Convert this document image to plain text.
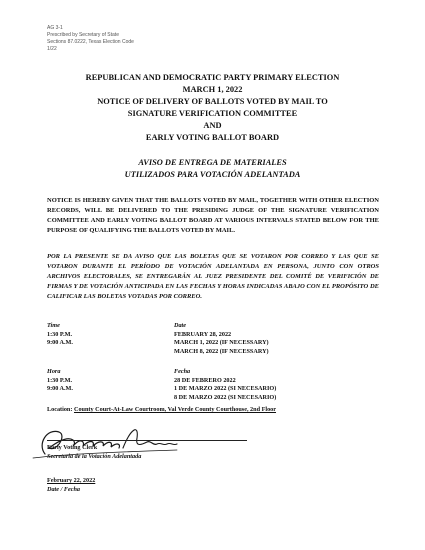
AG 3-1
Prescribed by Secretary of State
Sections 87.0222, Texas Election Code
1/22
REPUBLICAN AND DEMOCRATIC PARTY PRIMARY ELECTION
MARCH 1, 2022
NOTICE OF DELIVERY OF BALLOTS VOTED BY MAIL TO
SIGNATURE VERIFICATION COMMITTEE
AND
EARLY VOTING BALLOT BOARD
AVISO DE ENTREGA DE MATERIALES
UTILIZADOS PARA VOTACIÓN ADELANTADA
NOTICE IS HEREBY GIVEN THAT THE BALLOTS VOTED BY MAIL, TOGETHER WITH OTHER ELECTION RECORDS, WILL BE DELIVERED TO THE PRESIDING JUDGE OF THE SIGNATURE VERIFICATION COMMITTEE AND EARLY VOTING BALLOT BOARD AT VARIOUS INTERVALS STATED BELOW FOR THE PURPOSE OF QUALIFYING THE BALLOTS VOTED BY MAIL.
POR LA PRESENTE SE DA AVISO QUE LAS BOLETAS QUE SE VOTARON POR CORREO Y LAS QUE SE VOTARON DURANTE EL PERÍODO DE VOTACIÓN ADELANTADA EN PERSONA, JUNTO CON OTROS ARCHIVOS ELECTORALES, SE ENTREGARÁN AL JUEZ PRESIDENTE DEL COMITÉ DE VERIFICIÓN DE FIRMAS Y DE VOTACIÓN ANTICIPADA EN LAS FECHAS Y HORAS INDICADAS ABAJO CON EL PROPÓSITO DE CALIFICAR LAS BOLETAS VOTADAS POR CORREO.
Time
1:30 P.M.
9:00 A.M.
Date
FEBRUARY 28, 2022
MARCH 1, 2022 (IF NECESSARY)
MARCH 8, 2022 (IF NECESSARY)
Hora
1:30 P.M.
9:00 A.M.
Fecha
28 DE FEBRERO 2022
1 DE MARZO 2022 (SI NECESARIO)
8 DE MARZO 2022 (SI NECESARIO)
Location: County Court-At-Law Courtroom, Val Verde County Courthouse, 2nd Floor
Early Voting Clerk
Secretaria de la Votación Adelantada
February 22, 2022
Date / Fecha
